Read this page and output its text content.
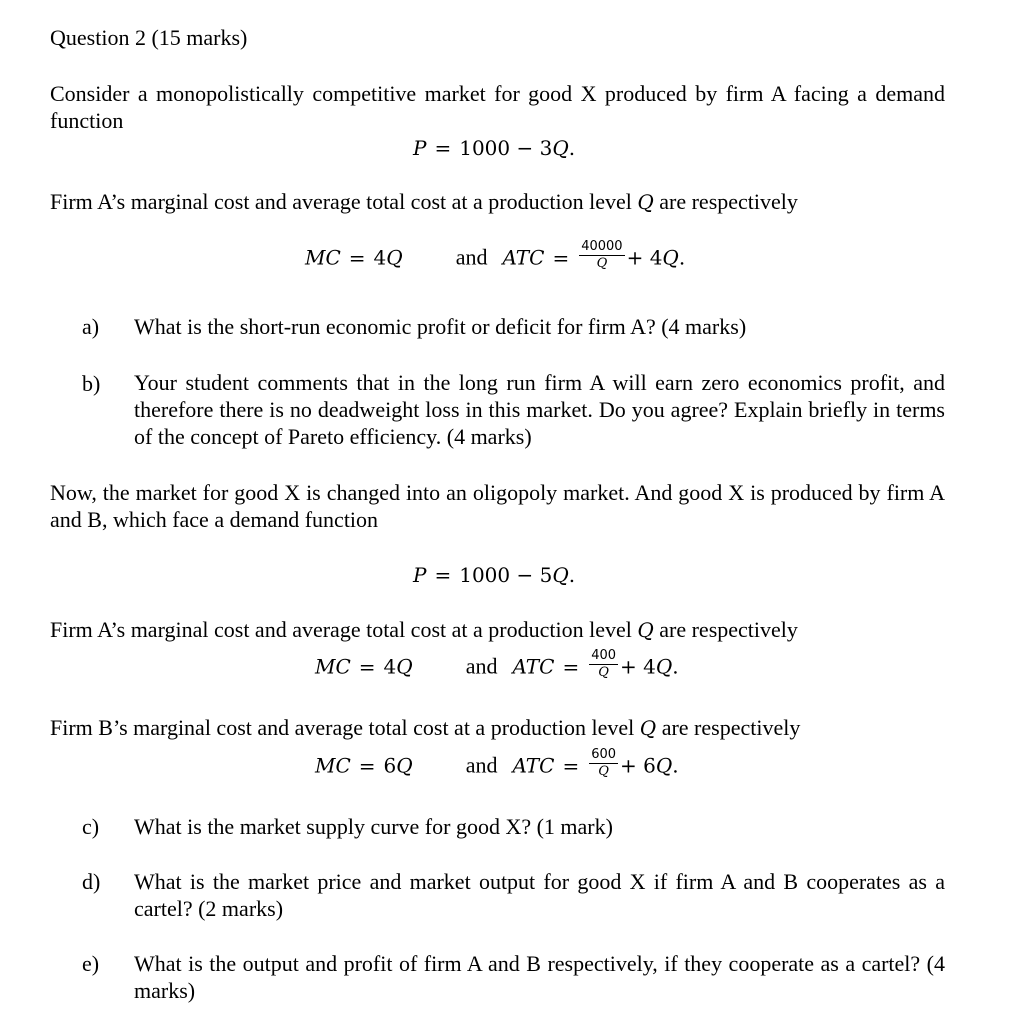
Question 2 (15 marks)
Consider a monopolistically competitive market for good X produced by firm A facing a demand function
P = 1000 − 3Q.
Firm A’s marginal cost and average total cost at a production level Q are respectively
MC = 4Q and ATC = $\frac{40000}{Q} + 4Q$.
a) What is the short-run economic profit or deficit for firm A? (4 marks)
b) Your student comments that in the long run firm A will earn zero economics profit, and therefore there is no deadweight loss in this market. Do you agree? Explain briefly in terms of the concept of Pareto efficiency. (4 marks)
Now, the market for good X is changed into an oligopoly market. And good X is produced by firm A and B, which face a demand function
P = 1000 − 5Q.
Firm A’s marginal cost and average total cost at a production level Q are respectively
MC = 4Q and ATC = $\frac{400}{Q} + 4Q$.
Firm B’s marginal cost and average total cost at a production level Q are respectively
MC = 6Q and ATC = $\frac{600}{Q} + 6Q$.
c) What is the market supply curve for good X? (1 mark)
d) What is the market price and market output for good X if firm A and B cooperates as a cartel? (2 marks)
e) What is the output and profit of firm A and B respectively, if they cooperate as a cartel? (4 marks)
